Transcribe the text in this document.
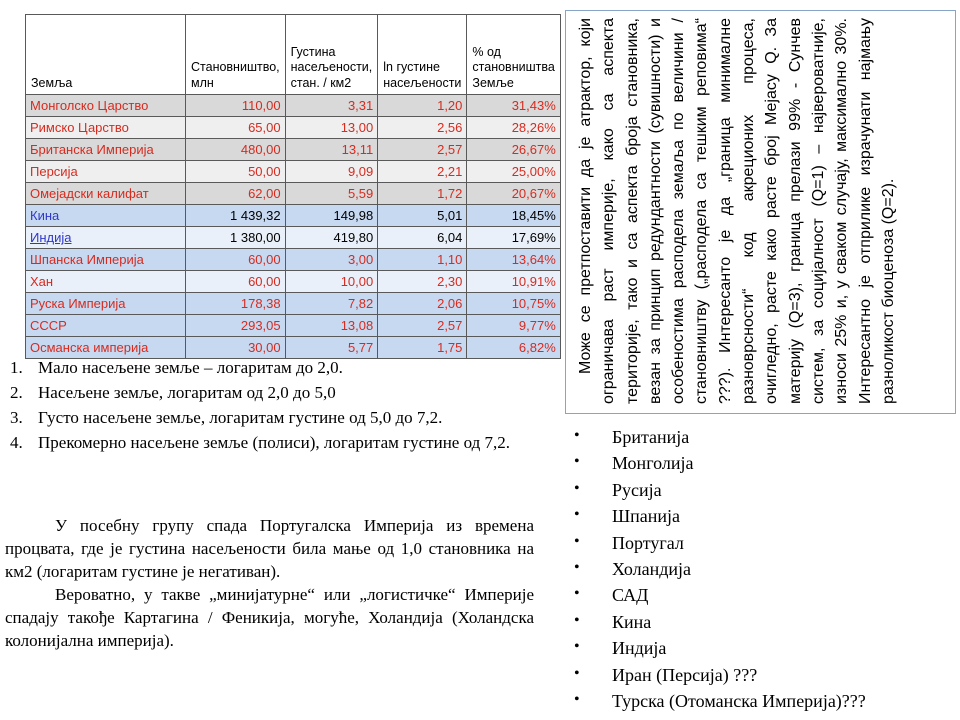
Земља	Становништво, млн	Густина насељености, стан. / км2	ln густине насељености	% од становништва Земље
Монголско Царство	110,00	3,31	1,20	31,43%
Римско Царство	65,00	13,00	2,56	28,26%
Британска Империја	480,00	13,11	2,57	26,67%
Персија	50,00	9,09	2,21	25,00%
Омејадски калифат	62,00	5,59	1,72	20,67%
Кина	1 439,32	149,98	5,01	18,45%
Индија	1 380,00	419,80	6,04	17,69%
Шпанска Империја	60,00	3,00	1,10	13,64%
Хан	60,00	10,00	2,30	10,91%
Руска Империја	178,38	7,82	2,06	10,75%
СССР	293,05	13,08	2,57	9,77%
Османска империја	30,00	5,77	1,75	6,82%
1. Мало насељене земље – логаритам до 2,0.
2. Насељене земље, логаритам од 2,0 до 5,0
3. Густо насељене земље, логаритам густине од 5,0 до 7,2.
4. Прекомерно насељене земље (полиси), логаритам густине од 7,2.

У посебну групу спада Португалска Империја из времена процвата, где је густина насељености била мање од 1,0 становника на км2 (логаритам густине је негативан).

Вероватно, у такве „минијатурне“ или „логистичке“ Империје спадају такође Картагина / Феникија, могуће, Холандија (Холандска колонијална империја).

Може се претпоставити да је атрактор, који ограничава раст империје, како са аспекта територије, тако и са аспекта броја становника, везан за принцип редундантности (сувишности) и особеностима расподела земаља по величини /становништву („расподела са тешким реповима“ ???). Интересанто је да „граница минималне разноврсности“ код акреционих процеса, очигледно, расте како расте број Мејасу Q. За материју (Q=3), граница прелази 99% - Сунчев систем, за социјалност (Q=1) – највероватније, износи 25% и, у сваком случају, максимално 30%. Интересантно је отприлике израчунати најмању разноликост биоценоза (Q=2).
• Британија
• Монголија
• Русија
• Шпанија
• Португал
• Холандија
• САД
• Кина
• Индија
• Иран (Персија) ???
• Турска (Отоманска Империја)???
